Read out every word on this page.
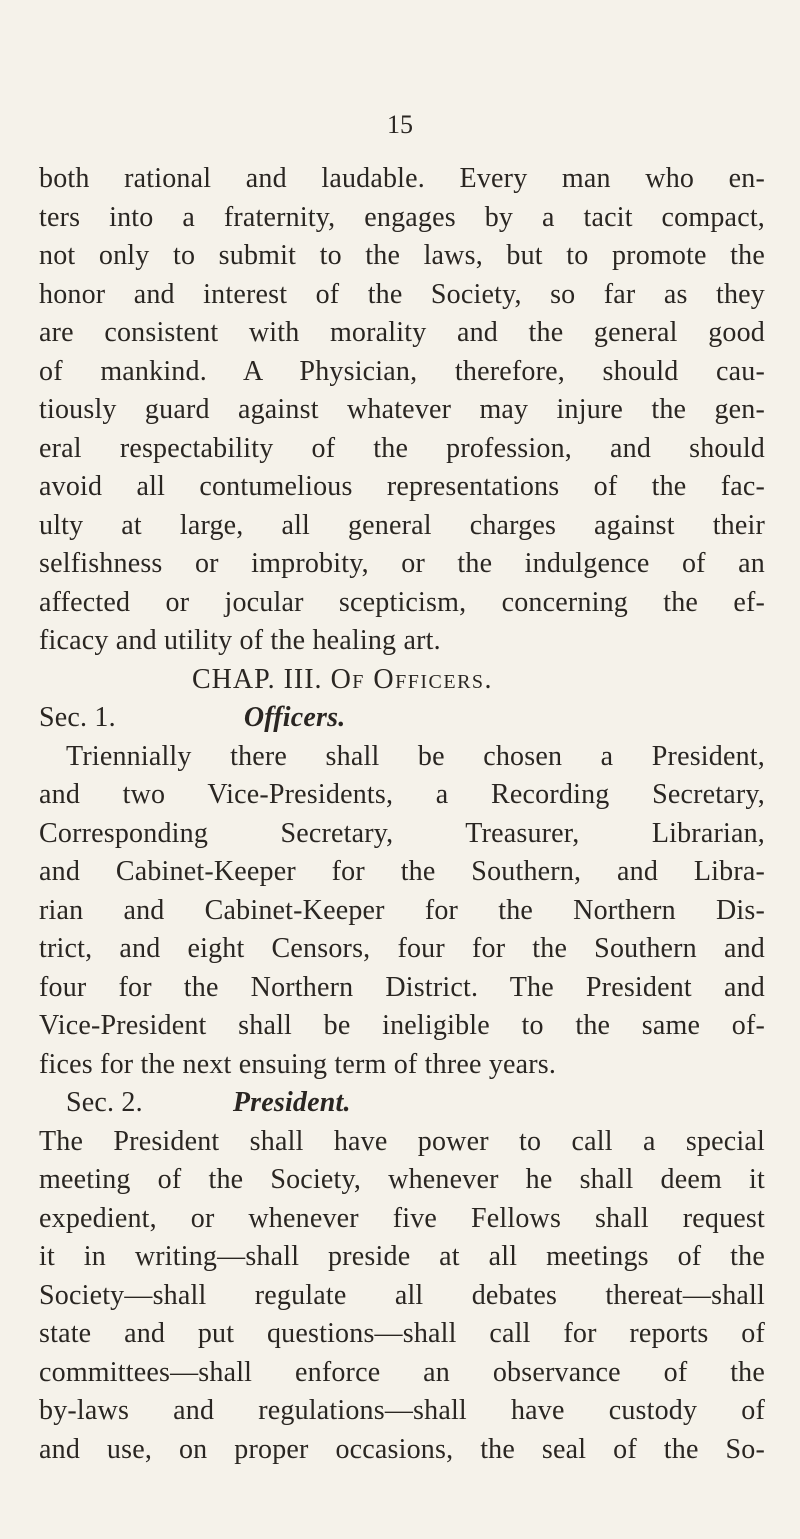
15
both rational and laudable. Every man who en-
ters into a fraternity, engages by a tacit compact,
not only to submit to the laws, but to promote the
honor and interest of the Society, so far as they
are consistent with morality and the general good
of mankind. A Physician, therefore, should cau-
tiously guard against whatever may injure the gen-
eral respectability of the profession, and should
avoid all contumelious representations of the fac-
ulty at large, all general charges against their
selfishness or improbity, or the indulgence of an
affected or jocular scepticism, concerning the ef-
ficacy and utility of the healing art.
CHAP. III. Of Officers.
Sec. 1.	Officers.
Triennially there shall be chosen a President,
and two Vice-Presidents, a Recording Secretary,
Corresponding Secretary, Treasurer, Librarian,
and Cabinet-Keeper for the Southern, and Libra-
rian and Cabinet-Keeper for the Northern Dis-
trict, and eight Censors, four for the Southern and
four for the Northern District. The President and
Vice-President shall be ineligible to the same of-
fices for the next ensuing term of three years.
Sec. 2.	President.
The President shall have power to call a special
meeting of the Society, whenever he shall deem it
expedient, or whenever five Fellows shall request
it in writing—shall preside at all meetings of the
Society—shall regulate all debates thereat—shall
state and put questions—shall call for reports of
committees—shall enforce an observance of the
by-laws and regulations—shall have custody of
and use, on proper occasions, the seal of the So-
